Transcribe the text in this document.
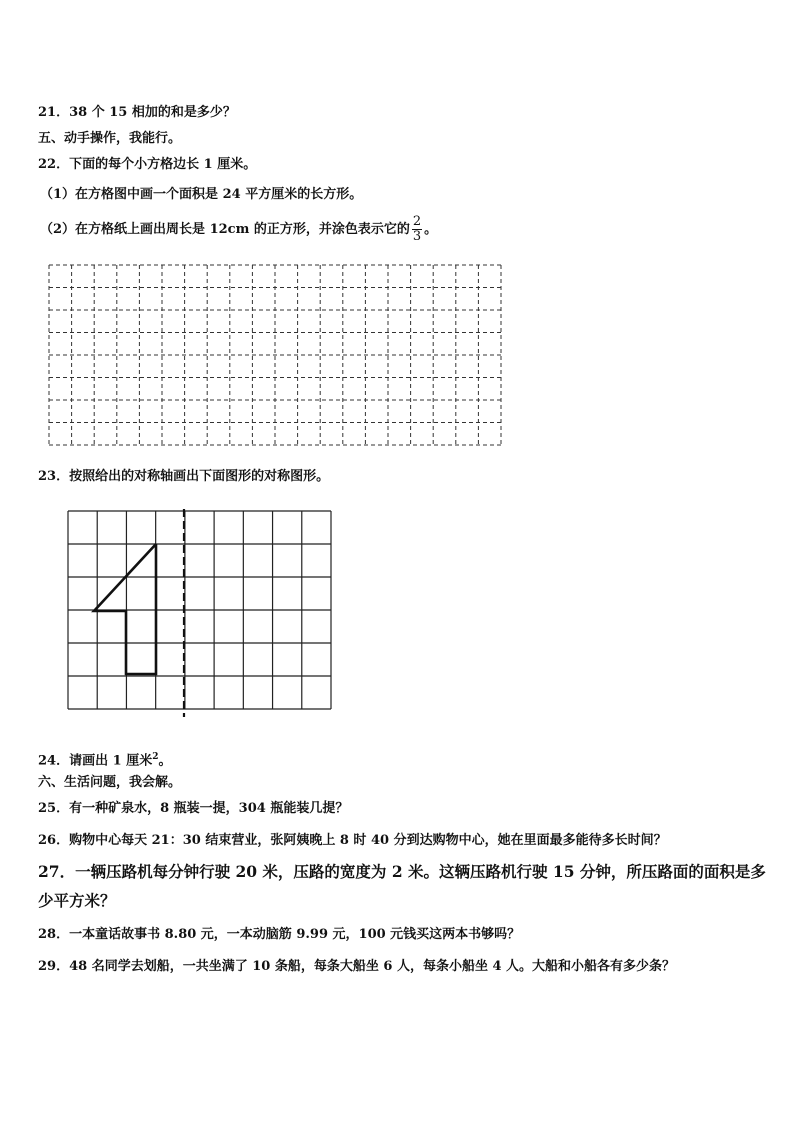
21．38 个 15 相加的和是多少？
五、动手操作，我能行。
22．下面的每个小方格边长 1 厘米。
（1）在方格图中画一个面积是 24 平方厘米的长方形。
（2）在方格纸上画出周长是 12cm 的正方形，并涂色表示它的 $\frac{2}{3}$ 。
23．按照给出的对称轴画出下面图形的对称图形。
24．请画出 1 厘米$^2$。
六、生活问题，我会解。
25．有一种矿泉水，8 瓶装一提，304 瓶能装几提？
26．购物中心每天 21：30 结束营业，张阿姨晚上 8 时 40 分到达购物中心，她在里面最多能待多长时间？
27．一辆压路机每分钟行驶 20 米，压路的宽度为 2 米。这辆压路机行驶 15 分钟，所压路面的面积是多
少平方米？
28．一本童话故事书 8.80 元，一本动脑筋 9.99 元，100 元钱买这两本书够吗？
29．48 名同学去划船，一共坐满了 10 条船，每条大船坐 6 人，每条小船坐 4 人。大船和小船各有多少条？
